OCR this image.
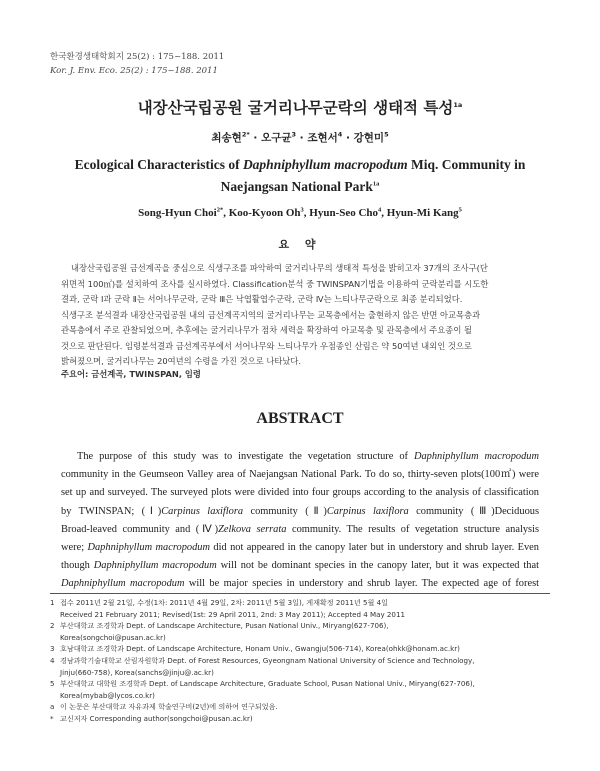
한국환경생태학회지 25(2) : 175~188. 2011
Kor. J. Env. Eco. 25(2) : 175~188. 2011
내장산국립공원 굴거리나무군락의 생태적 특성$^{1a}$
최송현$^{2*}$ · 오구균$^3$ · 조현서$^4$ · 강현미$^5$
Ecological Characteristics of Daphniphyllum macropodum Miq. Community in
Naejangsan National Park$^{1a}$
Song-Hyun Choi$^{2*}$, Koo-Kyoon Oh$^3$, Hyun-Seo Cho$^4$, Hyun-Mi Kang$^5$
요 약
내장산국립공원 금선계곡을 중심으로 식생구조를 파악하여 굴거리나무의 생태적 특성을 밝히고자 37개의 조사구(단
위면적 100㎡)를 설치하여 조사를 실시하였다. Classification분석 중 TWINSPAN기법을 이용하여 군락분리를 시도한
결과, 군락 Ⅰ과 군락 Ⅱ는 서어나무군락, 군락 Ⅲ은 낙엽활엽수군락, 군락 Ⅳ는 느티나무군락으로 최종 분리되었다.
식생구조 분석결과 내장산국립공원 내의 금선계곡지역의 굴거리나무는 교목층에서는 출현하지 않은 반면 아교목층과
관목층에서 주로 관찰되었으며, 추후에는 굴거리나무가 점차 세력을 확장하여 아교목층 및 관목층에서 주요종이 될
것으로 판단된다. 임령분석결과 금선계곡부에서 서어나무와 느티나무가 우점종인 산림은 약 50여년 내외인 것으로
밝혀졌으며, 굴거리나무는 20여년의 수령을 가진 것으로 나타났다.
주요어: 금선계곡, TWINSPAN, 임령
ABSTRACT
The purpose of this study was to investigate the vegetation structure of Daphniphyllum macropodum
community in the Geumseon Valley area of Naejangsan National Park. To do so, thirty-seven plots(100㎡) were
set up and surveyed. The surveyed plots were divided into four groups according to the analysis of classification
by TWINSPAN; (Ⅰ)Carpinus laxiflora community (Ⅱ)Carpinus laxiflora community (Ⅲ)Deciduous
Broad-leaved community and (Ⅳ)Zelkova serrata community. The results of vegetation structure analysis
were; Daphniphyllum macropodum did not appeared in the canopy later but in understory and shrub layer. Even
though Daphniphyllum macropodum will not be dominant species in the canopy later, but it was expected that
Daphniphyllum macropodum will be major species in understory and shrub layer. The expected age of forest
1 접수 2011년 2월 21일, 수정(1차: 2011년 4월 29일, 2차: 2011년 5월 3일), 게재확정 2011년 5월 4일
Received 21 February 2011; Revised(1st: 29 April 2011, 2nd: 3 May 2011); Accepted 4 May 2011
2 부산대학교 조경학과 Dept. of Landscape Architecture, Pusan National Univ., Miryang(627-706),
Korea(songchoi@pusan.ac.kr)
3 호남대학교 조경학과 Dept. of Landscape Architecture, Honam Univ., Gwangju(506-714), Korea(ohkk@honam.ac.kr)
4 경남과학기술대학교 산림자원학과 Dept. of Forest Resources, Gyeongnam National University of Science and Technology,
Jinju(660-758), Korea(sanchs@jinju@.ac.kr)
5 부산대학교 대학원 조경학과 Dept. of Landscape Architecture, Graduate School, Pusan National Univ., Miryang(627-706),
Korea(mybab@lycos.co.kr)
a 이 논문은 부산대학교 자유과제 학술연구비(2년)에 의하여 연구되었음.
* 교신저자 Corresponding author(songchoi@pusan.ac.kr)
